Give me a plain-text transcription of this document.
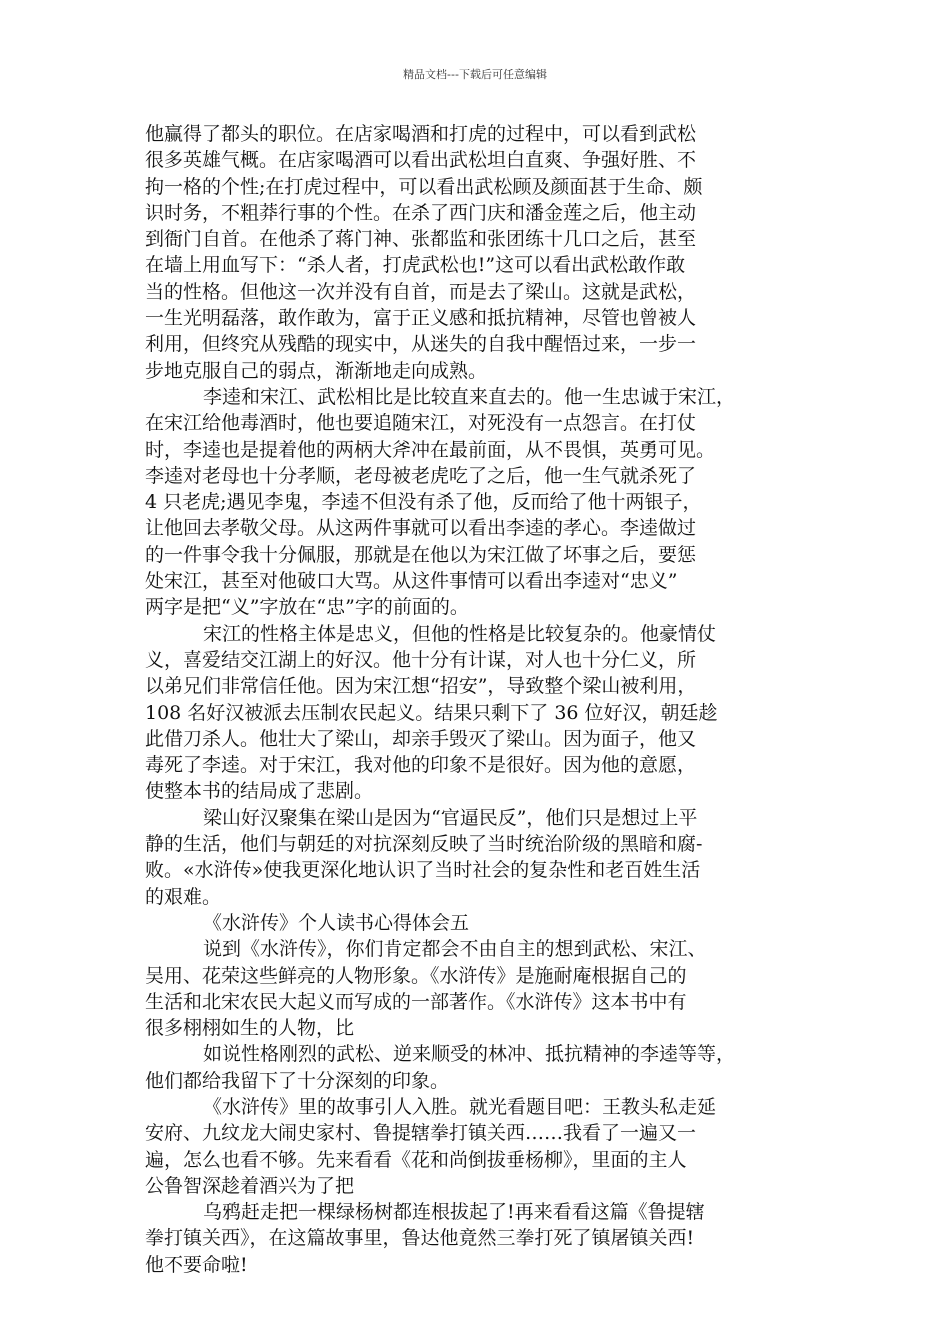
精品文档---下载后可任意编辑
他赢得了都头的职位。在店家喝酒和打虎的过程中，可以看到武松
很多英雄气概。在店家喝酒可以看出武松坦白直爽、争强好胜、不
拘一格的个性;在打虎过程中，可以看出武松顾及颜面甚于生命、颇
识时务，不粗莽行事的个性。在杀了西门庆和潘金莲之后，他主动
到衙门自首。在他杀了蒋门神、张都监和张团练十几口之后，甚至
在墙上用血写下：“杀人者，打虎武松也!”这可以看出武松敢作敢
当的性格。但他这一次并没有自首，而是去了梁山。这就是武松，
一生光明磊落，敢作敢为，富于正义感和抵抗精神，尽管也曾被人
利用，但终究从残酷的现实中，从迷失的自我中醒悟过来，一步一
步地克服自己的弱点，渐渐地走向成熟。
李逵和宋江、武松相比是比较直来直去的。他一生忠诚于宋江，
在宋江给他毒酒时，他也要追随宋江，对死没有一点怨言。在打仗
时，李逵也是提着他的两柄大斧冲在最前面，从不畏惧，英勇可见。
李逵对老母也十分孝顺，老母被老虎吃了之后，他一生气就杀死了
4 只老虎;遇见李鬼，李逵不但没有杀了他，反而给了他十两银子，
让他回去孝敬父母。从这两件事就可以看出李逵的孝心。李逵做过
的一件事令我十分佩服，那就是在他以为宋江做了坏事之后，要惩
处宋江，甚至对他破口大骂。从这件事情可以看出李逵对“忠义”
两字是把“义”字放在“忠”字的前面的。
宋江的性格主体是忠义，但他的性格是比较复杂的。他豪情仗
义，喜爱结交江湖上的好汉。他十分有计谋，对人也十分仁义，所
以弟兄们非常信任他。因为宋江想“招安”，导致整个梁山被利用，
108 名好汉被派去压制农民起义。结果只剩下了 36 位好汉，朝廷趁
此借刀杀人。他壮大了梁山，却亲手毁灭了梁山。因为面子，他又
毒死了李逵。对于宋江，我对他的印象不是很好。因为他的意愿，
使整本书的结局成了悲剧。
梁山好汉聚集在梁山是因为“官逼民反”，他们只是想过上平
静的生活，他们与朝廷的对抗深刻反映了当时统治阶级的黑暗和腐-
败。«水浒传»使我更深化地认识了当时社会的复杂性和老百姓生活
的艰难。
《水浒传》个人读书心得体会五
说到《水浒传》，你们肯定都会不由自主的想到武松、宋江、
吴用、花荣这些鲜亮的人物形象。《水浒传》是施耐庵根据自己的
生活和北宋农民大起义而写成的一部著作。《水浒传》这本书中有
很多栩栩如生的人物，比
如说性格刚烈的武松、逆来顺受的林冲、抵抗精神的李逵等等，
他们都给我留下了十分深刻的印象。
《水浒传》里的故事引人入胜。就光看题目吧：王教头私走延
安府、九纹龙大闹史家村、鲁提辖拳打镇关西……我看了一遍又一
遍，怎么也看不够。先来看看《花和尚倒拔垂杨柳》，里面的主人
公鲁智深趁着酒兴为了把
乌鸦赶走把一棵绿杨树都连根拔起了!再来看看这篇《鲁提辖
拳打镇关西》，在这篇故事里，鲁达他竟然三拳打死了镇屠镇关西!
他不要命啦!
